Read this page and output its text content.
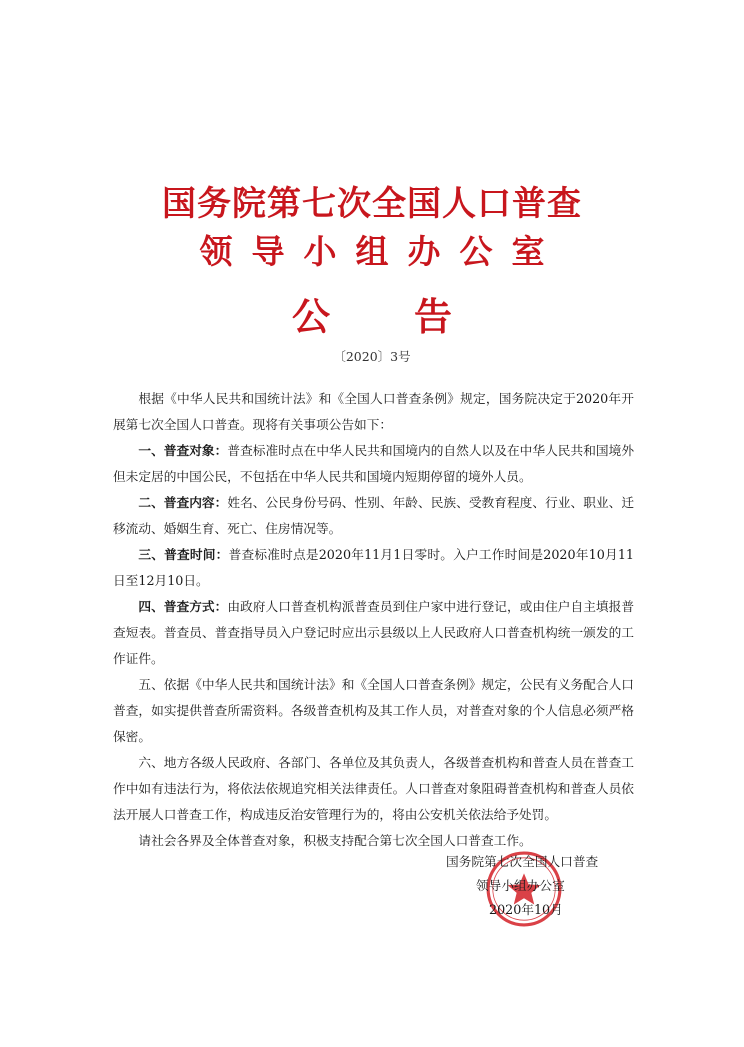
国务院第七次全国人口普查
领导小组办公室
公告
〔2020〕3号

根据《中华人民共和国统计法》和《全国人口普查条例》规定，国务院决定于2020年开展第七次全国人口普查。现将有关事项公告如下：

一、普查对象：普查标准时点在中华人民共和国境内的自然人以及在中华人民共和国境外但未定居的中国公民，不包括在中华人民共和国境内短期停留的境外人员。

二、普查内容：姓名、公民身份号码、性别、年龄、民族、受教育程度、行业、职业、迁移流动、婚姻生育、死亡、住房情况等。

三、普查时间：普查标准时点是2020年11月1日零时。入户工作时间是2020年10月11日至12月10日。

四、普查方式：由政府人口普查机构派普查员到住户家中进行登记，或由住户自主填报普查短表。普查员、普查指导员入户登记时应出示县级以上人民政府人口普查机构统一颁发的工作证件。

五、依据《中华人民共和国统计法》和《全国人口普查条例》规定，公民有义务配合人口普查，如实提供普查所需资料。各级普查机构及其工作人员，对普查对象的个人信息必须严格保密。

六、地方各级人民政府、各部门、各单位及其负责人，各级普查机构和普查人员在普查工作中如有违法行为，将依法依规追究相关法律责任。人口普查对象阻碍普查机构和普查人员依法开展人口普查工作，构成违反治安管理行为的，将由公安机关依法给予处罚。

请社会各界及全体普查对象，积极支持配合第七次全国人口普查工作。

国务院第七次全国人口普查
领导小组办公室
2020年10月
